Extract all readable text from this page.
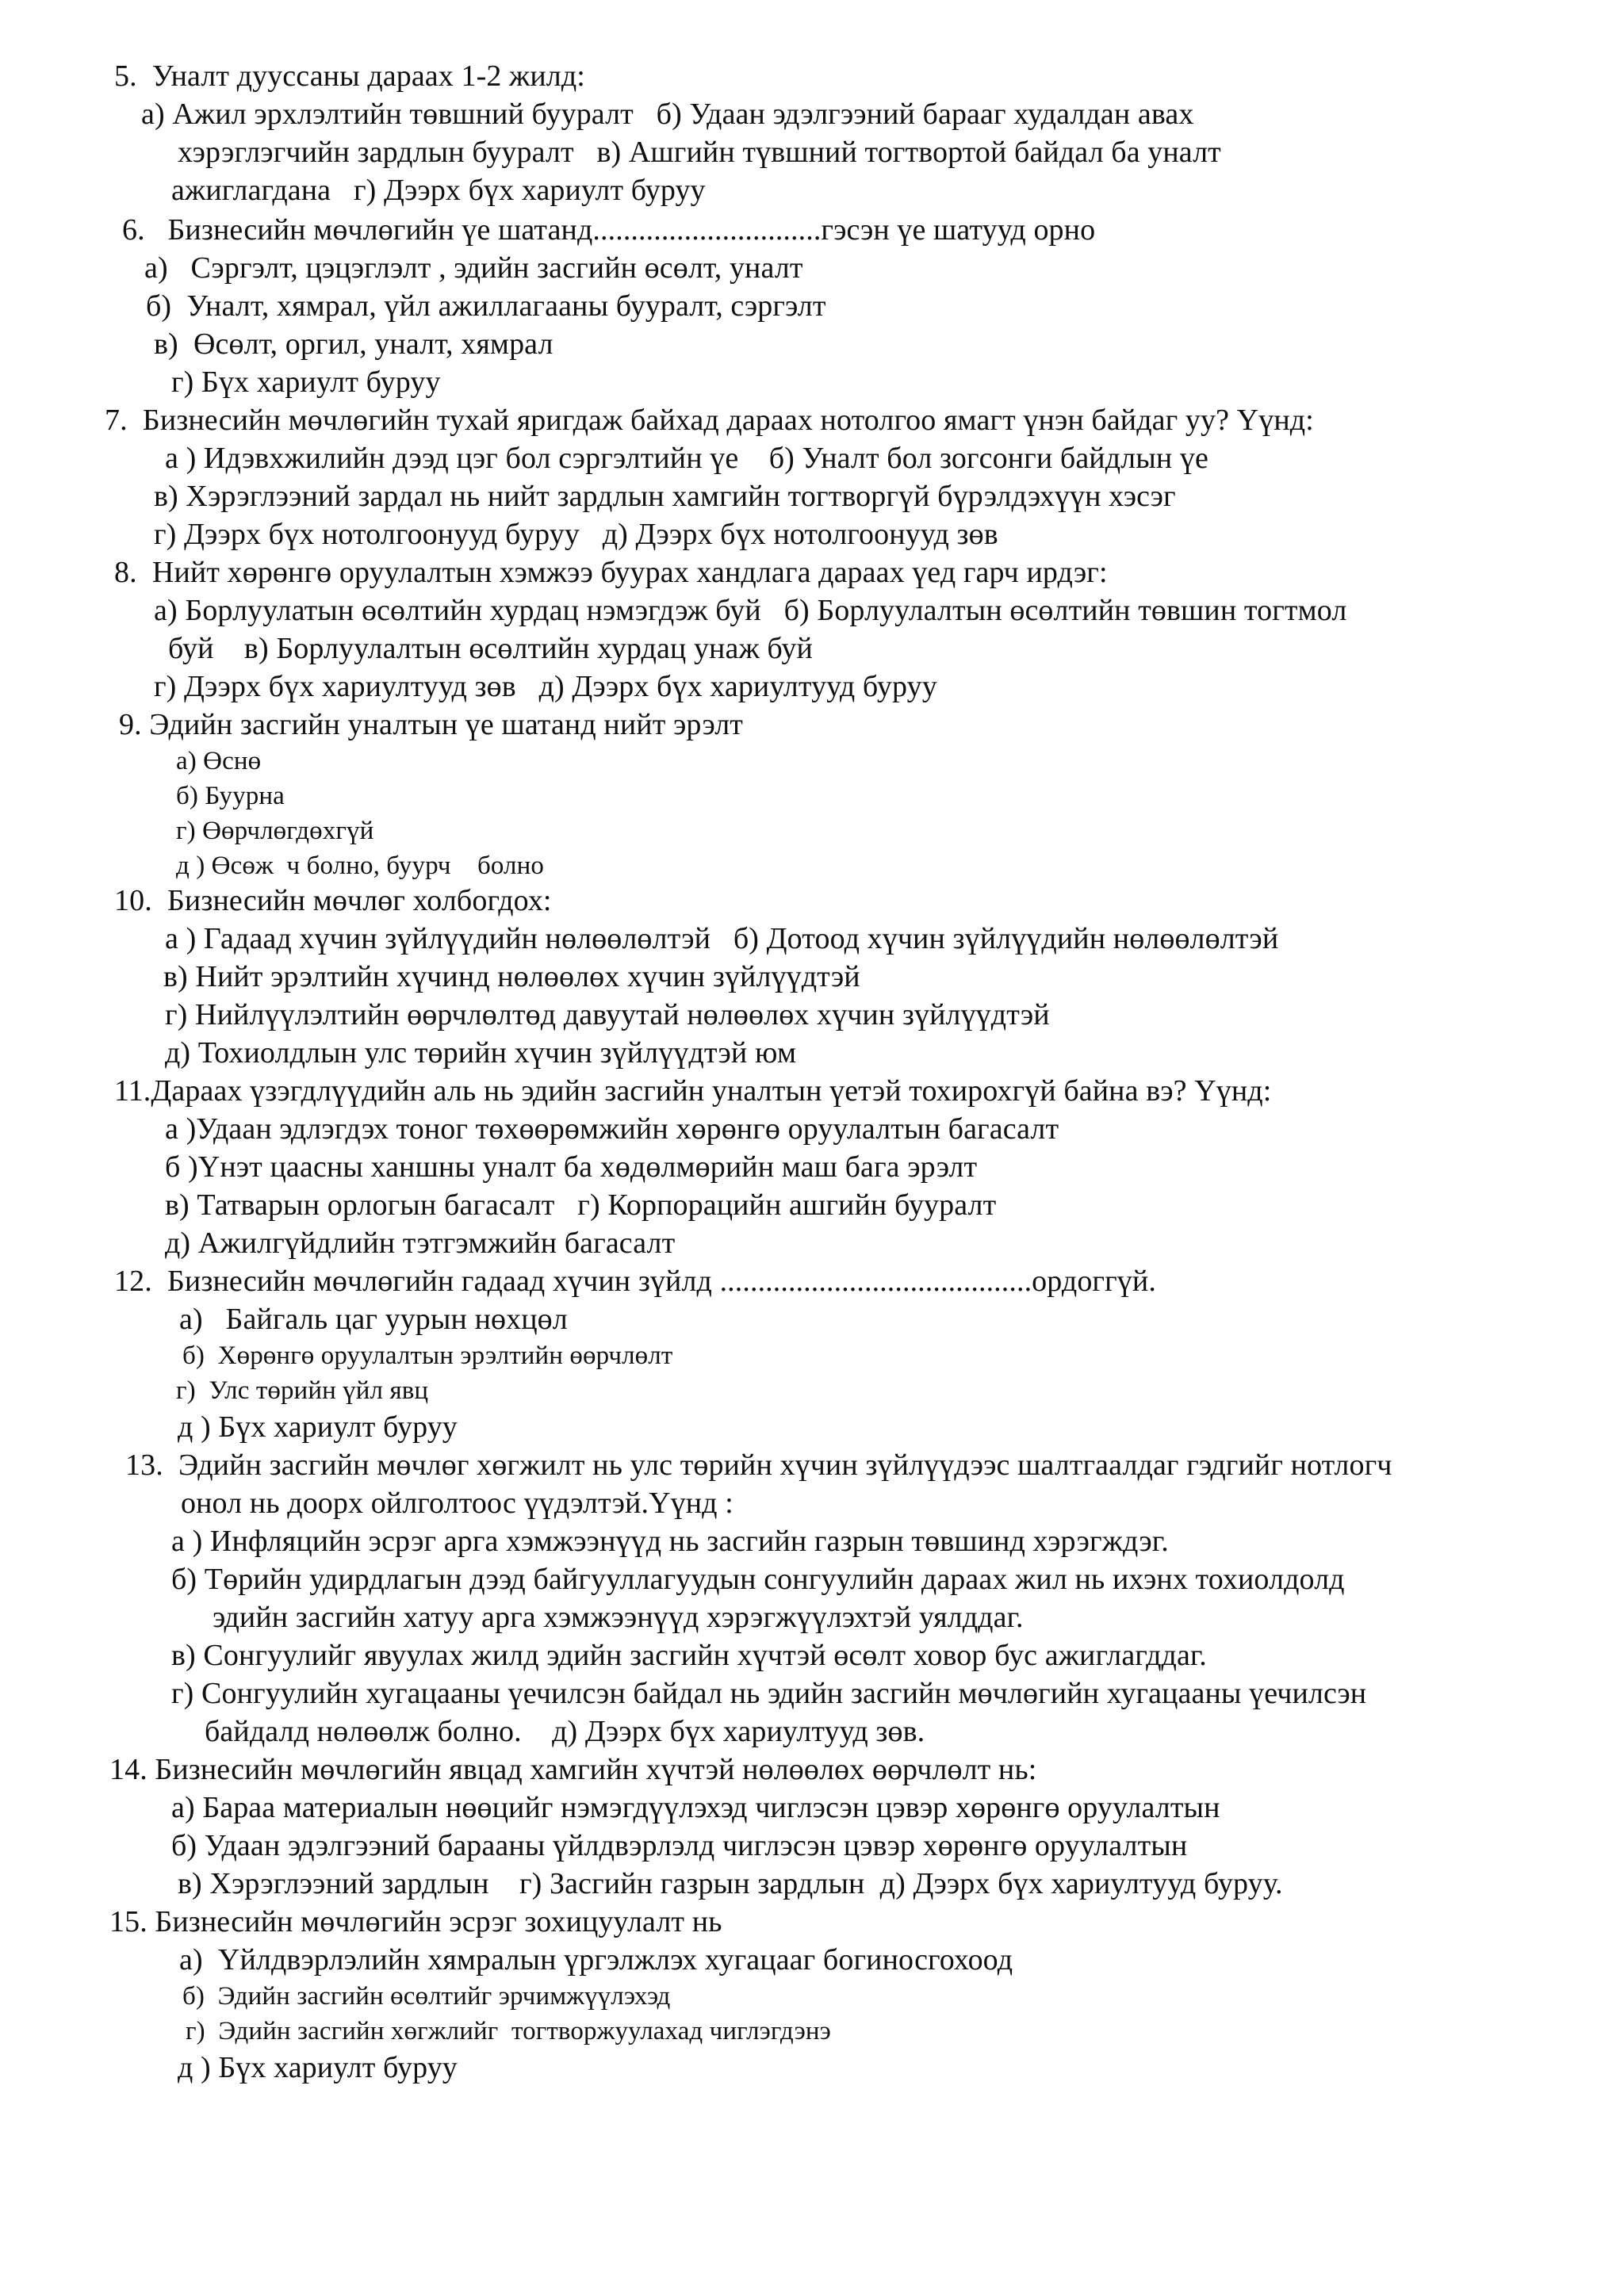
5.  Уналт дууссаны дараах 1-2 жилд:
а) Ажил эрхлэлтийн төвшний бууралт   б) Удаан эдэлгээний барааг худалдан авах
хэрэглэгчийн зардлын бууралт   в) Ашгийн түвшний тогтвортой байдал ба уналт
ажиглагдана   г) Дээрх бүх хариулт буруу
6.   Бизнесийн мөчлөгийн үе шатанд..............................гэсэн үе шатууд орно
а)   Сэргэлт, цэцэглэлт , эдийн засгийн өсөлт, уналт
б)  Уналт, хямрал, үйл ажиллагааны бууралт, сэргэлт
в)  Өсөлт, оргил, уналт, хямрал
г) Бүх хариулт буруу
7.  Бизнесийн мөчлөгийн тухай яригдаж байхад дараах нотолгоо ямагт үнэн байдаг уу? Үүнд:
а ) Идэвхжилийн дээд цэг бол сэргэлтийн үе    б) Уналт бол зогсонги байдлын үе
в) Хэрэглээний зардал нь нийт зардлын хамгийн тогтворгүй бүрэлдэхүүн хэсэг
г) Дээрх бүх нотолгоонууд буруу   д) Дээрх бүх нотолгоонууд зөв
8.  Нийт хөрөнгө оруулалтын хэмжээ буурах хандлага дараах үед гарч ирдэг:
а) Борлуулатын өсөлтийн хурдац нэмэгдэж буй   б) Борлуулалтын өсөлтийн төвшин тогтмол
буй    в) Борлуулалтын өсөлтийн хурдац унаж буй
г) Дээрх бүх хариултууд зөв   д) Дээрх бүх хариултууд буруу
9. Эдийн засгийн уналтын үе шатанд нийт эрэлт
а) Өснө
б) Буурна
г) Өөрчлөгдөхгүй
д ) Өсөж  ч болно, буурч    болно
10.  Бизнесийн мөчлөг холбогдох:
а ) Гадаад хүчин зүйлүүдийн нөлөөлөлтэй   б) Дотоод хүчин зүйлүүдийн нөлөөлөлтэй
в) Нийт эрэлтийн хүчинд нөлөөлөх хүчин зүйлүүдтэй
г) Нийлүүлэлтийн өөрчлөлтөд давуутай нөлөөлөх хүчин зүйлүүдтэй
д) Тохиолдлын улс төрийн хүчин зүйлүүдтэй юм
11.Дараах үзэгдлүүдийн аль нь эдийн засгийн уналтын үетэй тохирохгүй байна вэ? Үүнд:
а )Удаан эдлэгдэх тоног төхөөрөмжийн хөрөнгө оруулалтын багасалт
б )Үнэт цаасны ханшны уналт ба хөдөлмөрийн маш бага эрэлт
в) Татварын орлогын багасалт   г) Корпорацийн ашгийн бууралт
д) Ажилгүйдлийн тэтгэмжийн багасалт
12.  Бизнесийн мөчлөгийн гадаад хүчин зүйлд .........................................ордоггүй.
а)   Байгаль цаг уурын нөхцөл
б)  Хөрөнгө оруулалтын эрэлтийн өөрчлөлт
г)  Улс төрийн үйл явц
д ) Бүх хариулт буруу
13.  Эдийн засгийн мөчлөг хөгжилт нь улс төрийн хүчин зүйлүүдээс шалтгаалдаг гэдгийг нотлогч
онол нь доорх ойлголтоос үүдэлтэй.Үүнд :
а ) Инфляцийн эсрэг арга хэмжээнүүд нь засгийн газрын төвшинд хэрэгждэг.
б) Төрийн удирдлагын дээд байгууллагуудын сонгуулийн дараах жил нь ихэнх тохиолдолд
эдийн засгийн хатуу арга хэмжээнүүд хэрэгжүүлэхтэй уялддаг.
в) Сонгуулийг явуулах жилд эдийн засгийн хүчтэй өсөлт ховор бус ажиглагддаг.
г) Сонгуулийн хугацааны үечилсэн байдал нь эдийн засгийн мөчлөгийн хугацааны үечилсэн
байдалд нөлөөлж болно.    д) Дээрх бүх хариултууд зөв.
14. Бизнесийн мөчлөгийн явцад хамгийн хүчтэй нөлөөлөх өөрчлөлт нь:
а) Бараа материалын нөөцийг нэмэгдүүлэхэд чиглэсэн цэвэр хөрөнгө оруулалтын
б) Удаан эдэлгээний барааны үйлдвэрлэлд чиглэсэн цэвэр хөрөнгө оруулалтын
в) Хэрэглээний зардлын    г) Засгийн газрын зардлын  д) Дээрх бүх хариултууд буруу.
15. Бизнесийн мөчлөгийн эсрэг зохицуулалт нь
а)  Үйлдвэрлэлийн хямралын үргэлжлэх хугацааг богиносгохоод
б)  Эдийн засгийн өсөлтийг эрчимжүүлэхэд
г)  Эдийн засгийн хөгжлийг  тогтворжуулахад чиглэгдэнэ
д ) Бүх хариулт буруу
